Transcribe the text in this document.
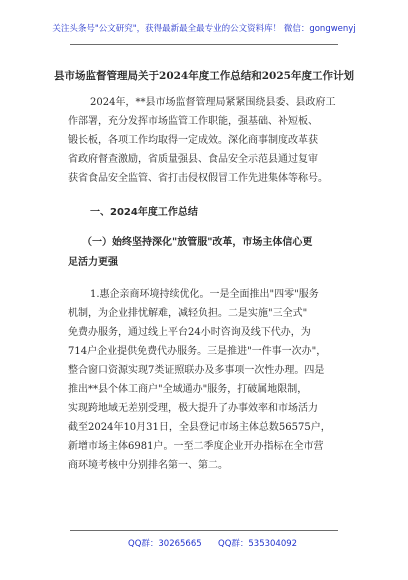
关注头条号"公文研究"，获得最新最全最专业的公文资料库！ 微信：gongwenyj
县市场监督管理局关于2024年度工作总结和2025年度工作计划
2024年，**县市场监督管理局紧紧围绕县委、县政府工
作部署，充分发挥市场监管工作职能，强基础、补短板、
锻长板，各项工作均取得一定成效。深化商事制度改革获
省政府督查激励，省质量强县、食品安全示范县通过复审
获省食品安全监管、省打击侵权假冒工作先进集体等称号。
一、2024年度工作总结
（一）始终坚持深化"放管服"改革，市场主体信心更
足活力更强
1.惠企亲商环境持续优化。一是全面推出"四零"服务
机制，为企业排忧解难，减轻负担。二是实施"三全式"
免费办服务，通过线上平台24小时咨询及线下代办，为
714户企业提供免费代办服务。三是推进"一件事一次办"，
整合窗口资源实现7类证照联办及多事项一次性办理。四是
推出**县个体工商户"全域通办"服务，打破属地限制，
实现跨地域无差别受理，极大提升了办事效率和市场活力
截至2024年10月31日，全县登记市场主体总数56575户，
新增市场主体6981户。一至二季度企业开办指标在全市营
商环境考核中分别排名第一、第二。
QQ群：30265665 QQ群：535304092
